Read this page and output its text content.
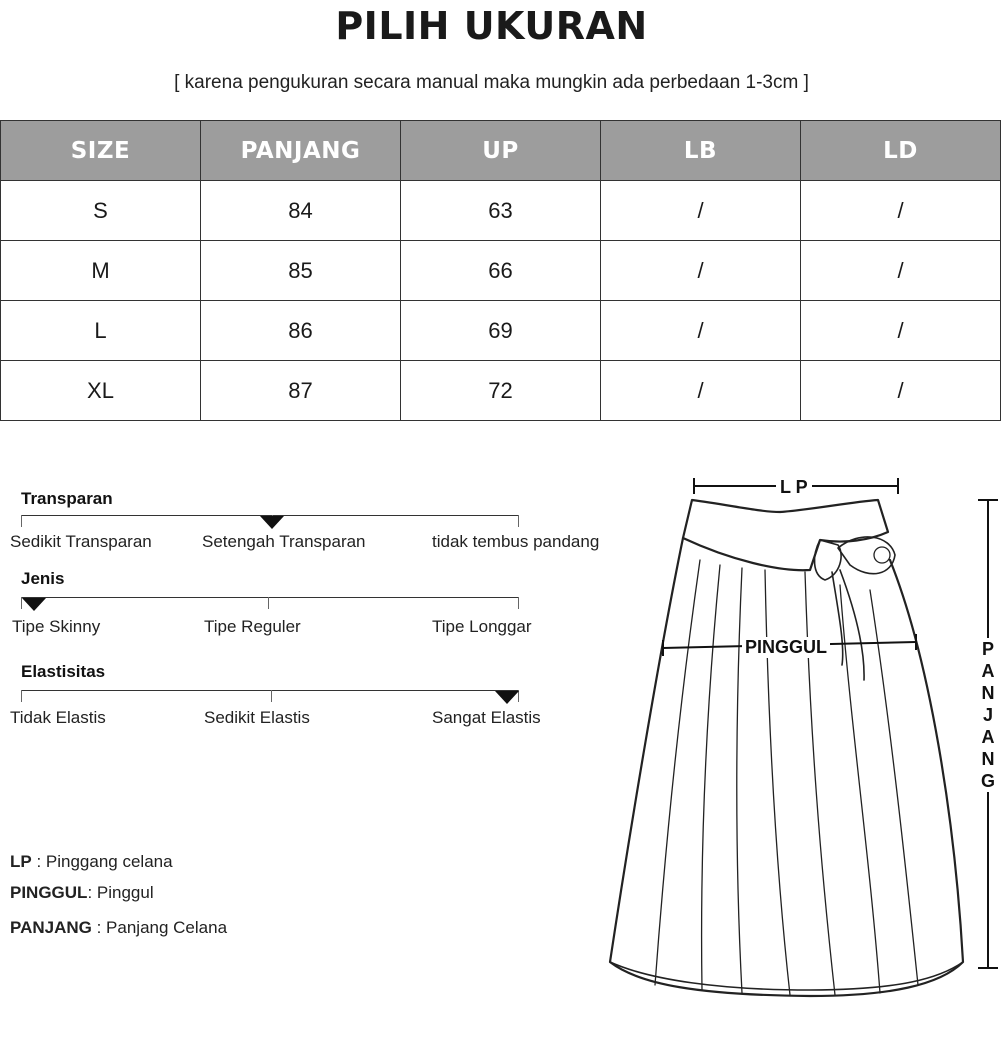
PILIH UKURAN
[ karena pengukuran secara manual maka mungkin ada perbedaan 1-3cm ]
SIZE	PANJANG	UP	LB	LD
S	84	63	/	/
M	85	66	/	/
L	86	69	/	/
XL	87	72	/	/
Transparan
Sedikit Transparan	Setengah Transparan	tidak tembus pandang
Jenis
Tipe Skinny	Tipe Reguler	Tipe Longgar
Elastisitas
Tidak Elastis	Sedikit Elastis	Sangat Elastis
LP : Pinggang celana
PINGGUL: Pinggul
PANJANG : Panjang Celana
L P
PINGGUL	PANJANG
